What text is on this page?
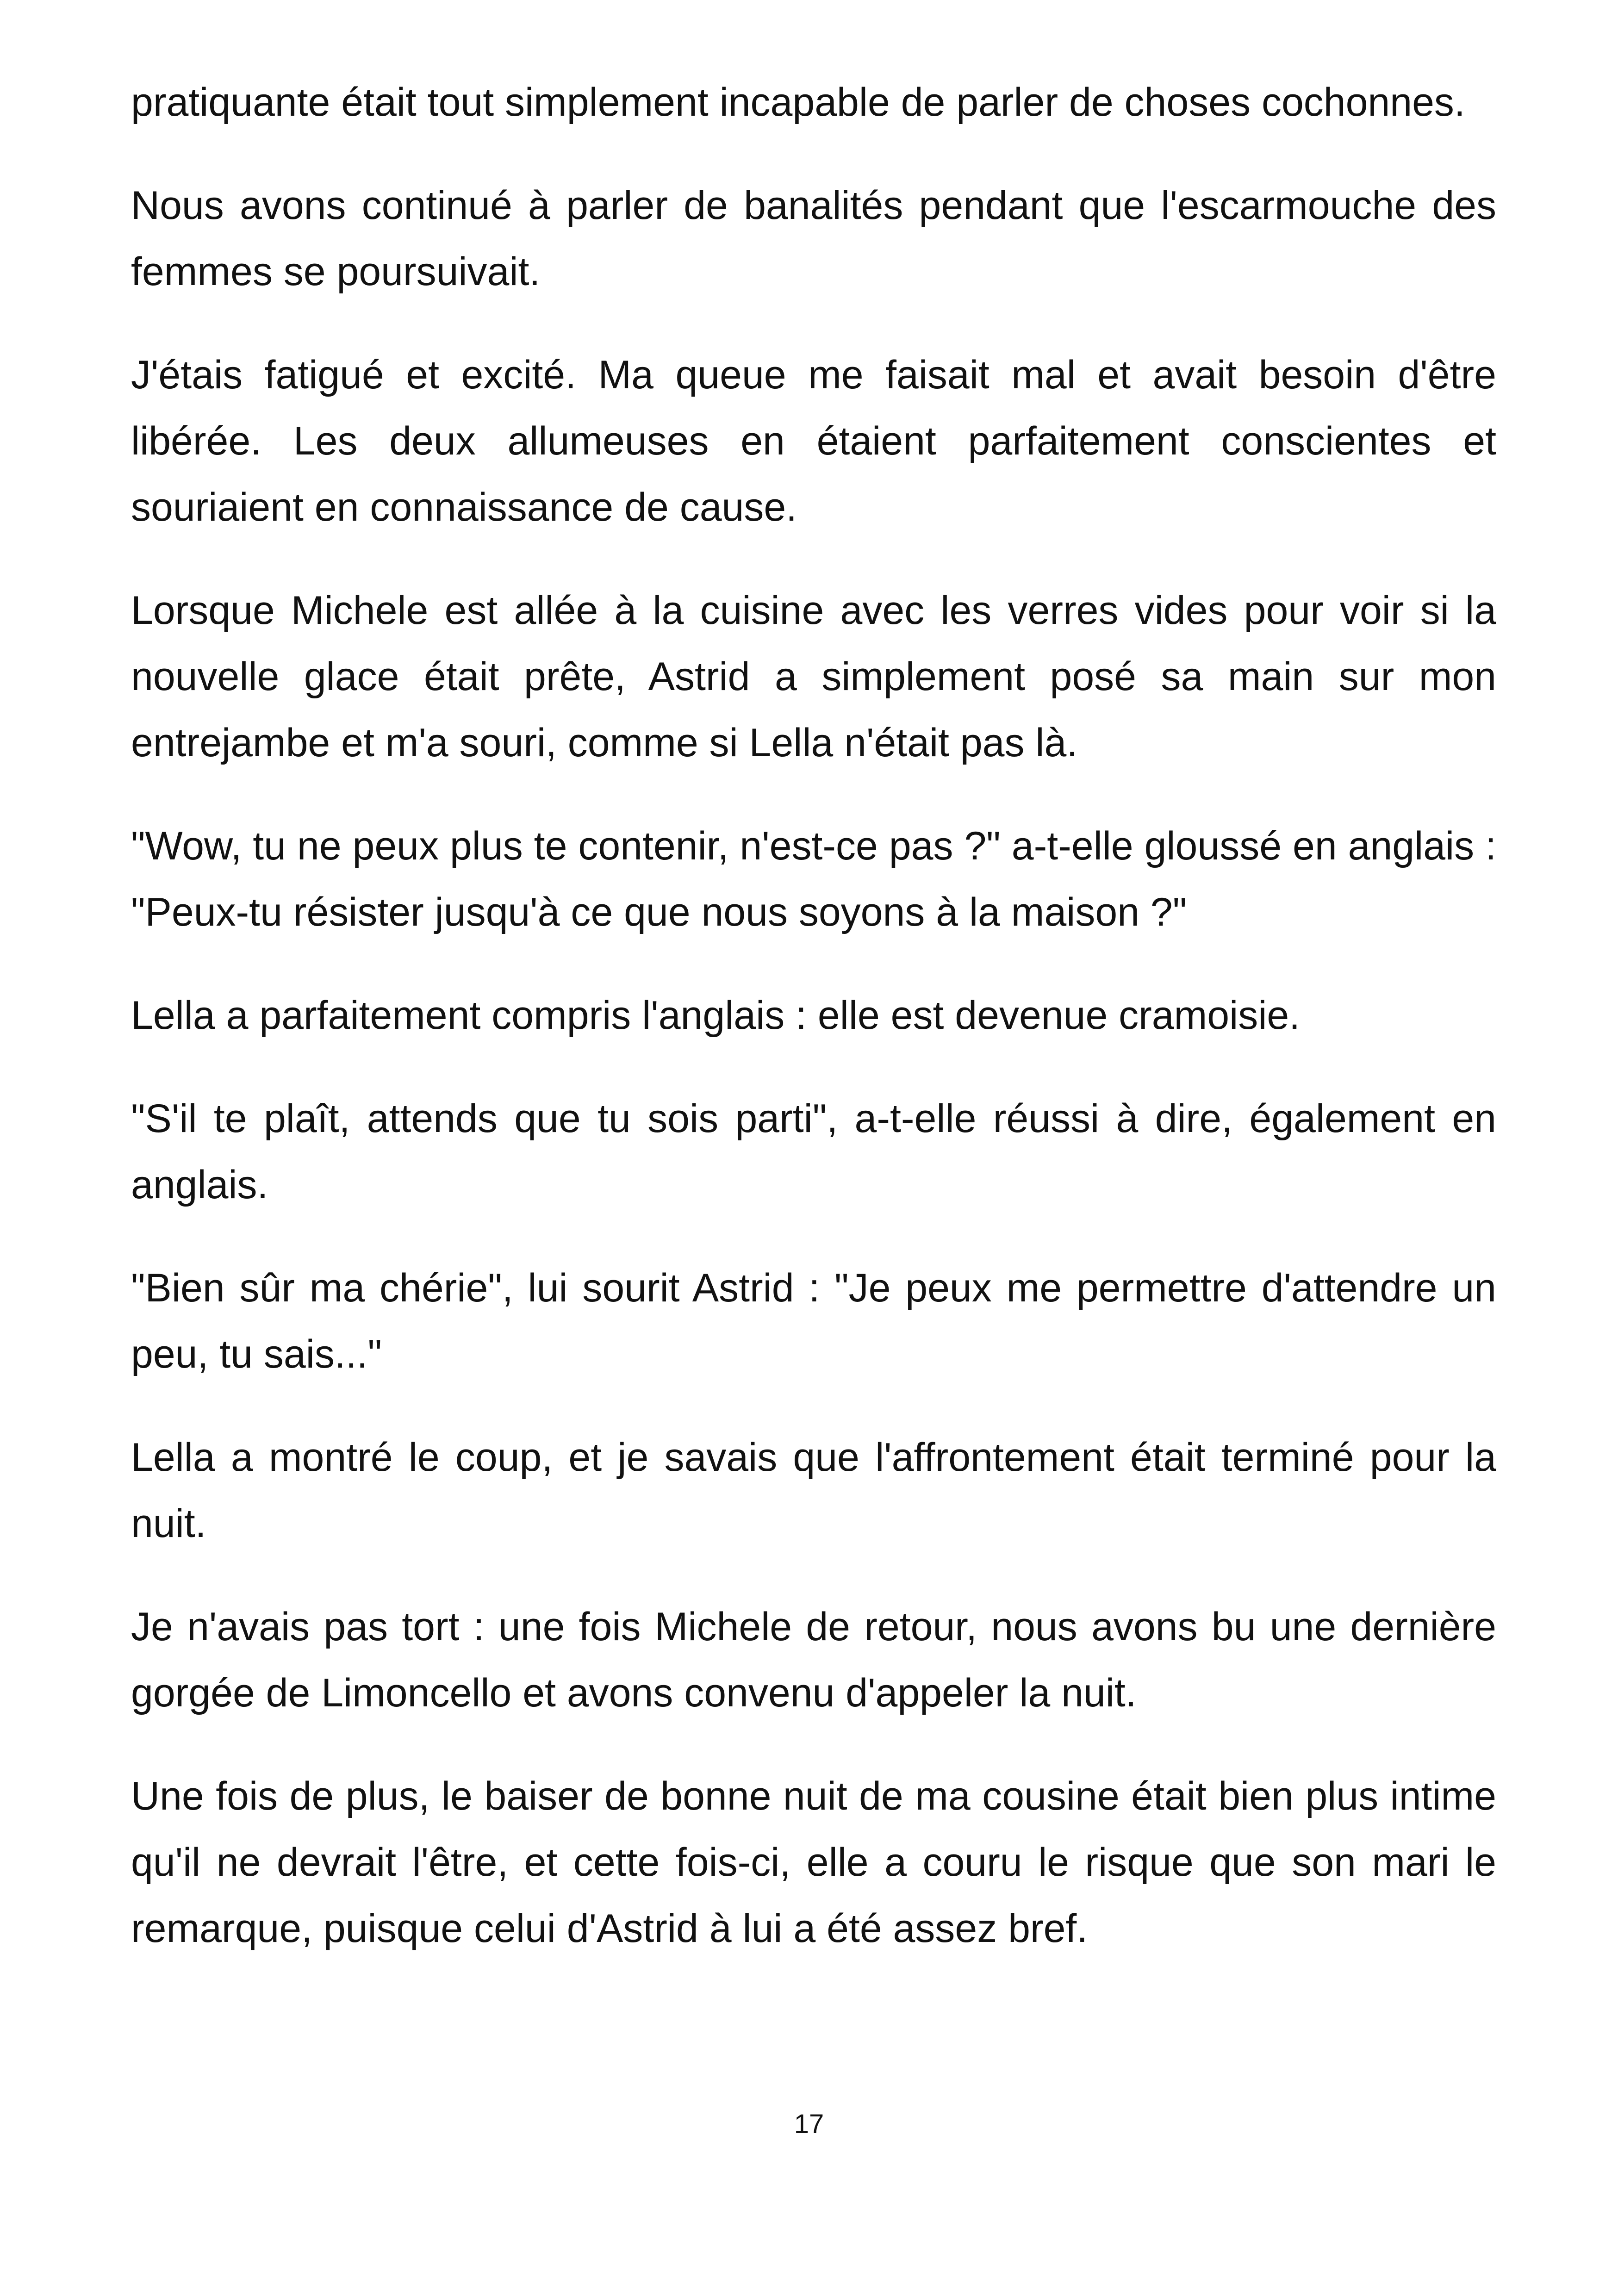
pratiquante était tout simplement incapable de parler de choses cochonnes.

Nous avons continué à parler de banalités pendant que l'escarmouche des femmes se poursuivait.

J'étais fatigué et excité. Ma queue me faisait mal et avait besoin d'être libérée. Les deux allumeuses en étaient parfaitement conscientes et souriaient en connaissance de cause.

Lorsque Michele est allée à la cuisine avec les verres vides pour voir si la nouvelle glace était prête, Astrid a simplement posé sa main sur mon entrejambe et m'a souri, comme si Lella n'était pas là.

"Wow, tu ne peux plus te contenir, n'est-ce pas ?" a-t-elle gloussé en anglais : "Peux-tu résister jusqu'à ce que nous soyons à la maison ?"

Lella a parfaitement compris l'anglais : elle est devenue cramoisie.

"S'il te plaît, attends que tu sois parti", a-t-elle réussi à dire, également en anglais.

"Bien sûr ma chérie", lui sourit Astrid : "Je peux me permettre d'attendre un peu, tu sais..."

Lella a montré le coup, et je savais que l'affrontement était terminé pour la nuit.

Je n'avais pas tort : une fois Michele de retour, nous avons bu une dernière gorgée de Limoncello et avons convenu d'appeler la nuit.

Une fois de plus, le baiser de bonne nuit de ma cousine était bien plus intime qu'il ne devrait l'être, et cette fois-ci, elle a couru le risque que son mari le remarque, puisque celui d'Astrid à lui a été assez bref.

17
